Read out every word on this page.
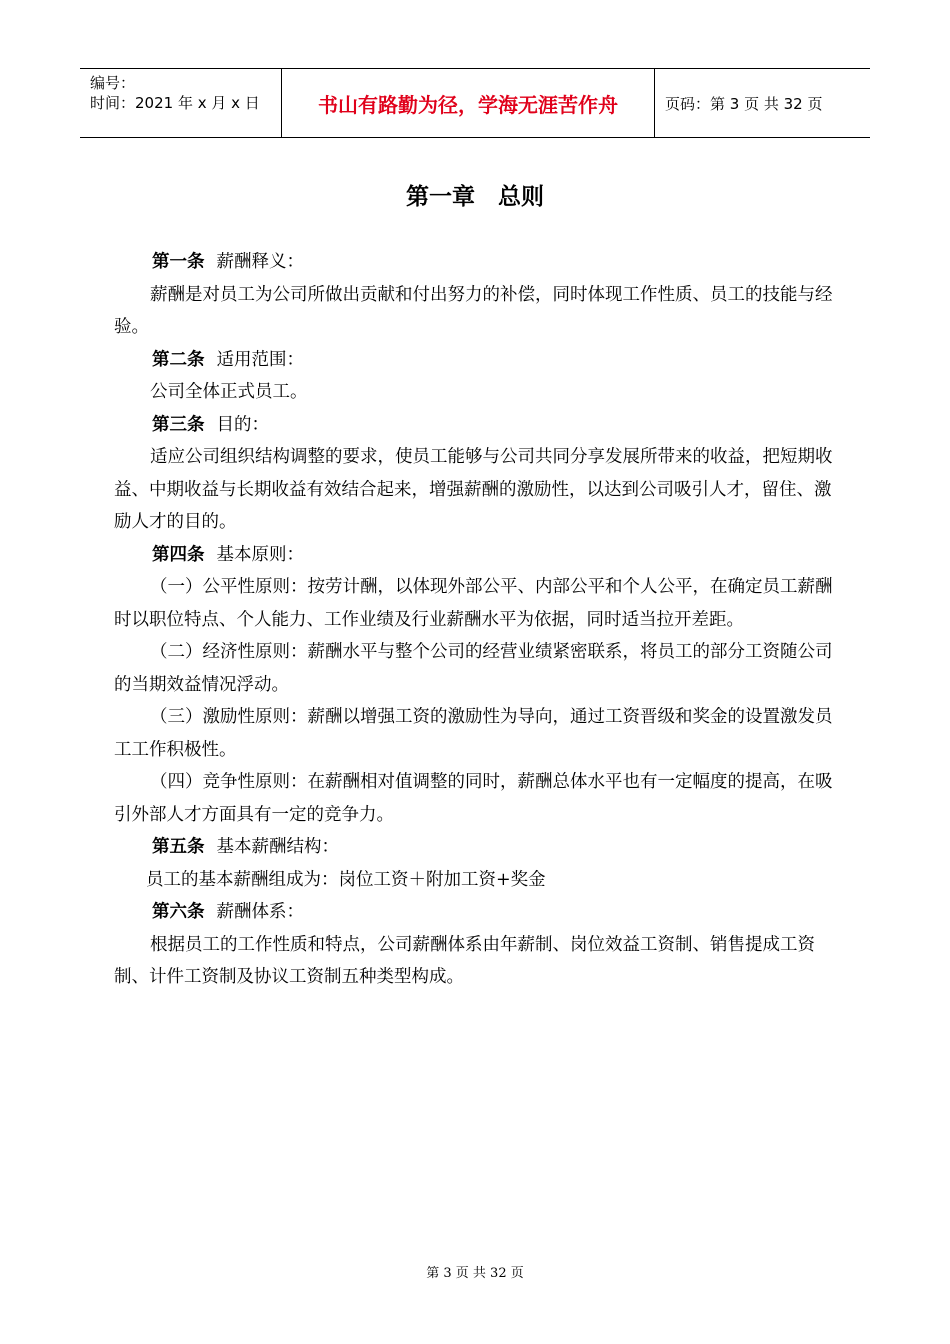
编号：
时间：2021 年 x 月 x 日	书山有路勤为径，学海无涯苦作舟	页码：第 3 页 共 32 页
第一章　总则

第一条 薪酬释义：

薪酬是对员工为公司所做出贡献和付出努力的补偿，同时体现工作性质、员工的技能与经验。

第二条 适用范围：

公司全体正式员工。

第三条 目的：

适应公司组织结构调整的要求，使员工能够与公司共同分享发展所带来的收益，把短期收益、中期收益与长期收益有效结合起来，增强薪酬的激励性，以达到公司吸引人才，留住、激励人才的目的。

第四条 基本原则：

（一）公平性原则：按劳计酬，以体现外部公平、内部公平和个人公平，在确定员工薪酬时以职位特点、个人能力、工作业绩及行业薪酬水平为依据，同时适当拉开差距。

（二）经济性原则：薪酬水平与整个公司的经营业绩紧密联系，将员工的部分工资随公司的当期效益情况浮动。

（三）激励性原则：薪酬以增强工资的激励性为导向，通过工资晋级和奖金的设置激发员工工作积极性。

（四）竞争性原则：在薪酬相对值调整的同时，薪酬总体水平也有一定幅度的提高，在吸引外部人才方面具有一定的竞争力。

第五条 基本薪酬结构：

员工的基本薪酬组成为：岗位工资＋附加工资+奖金

第六条 薪酬体系：

根据员工的工作性质和特点，公司薪酬体系由年薪制、岗位效益工资制、销售提成工资制、计件工资制及协议工资制五种类型构成。

第 3 页 共 32 页
